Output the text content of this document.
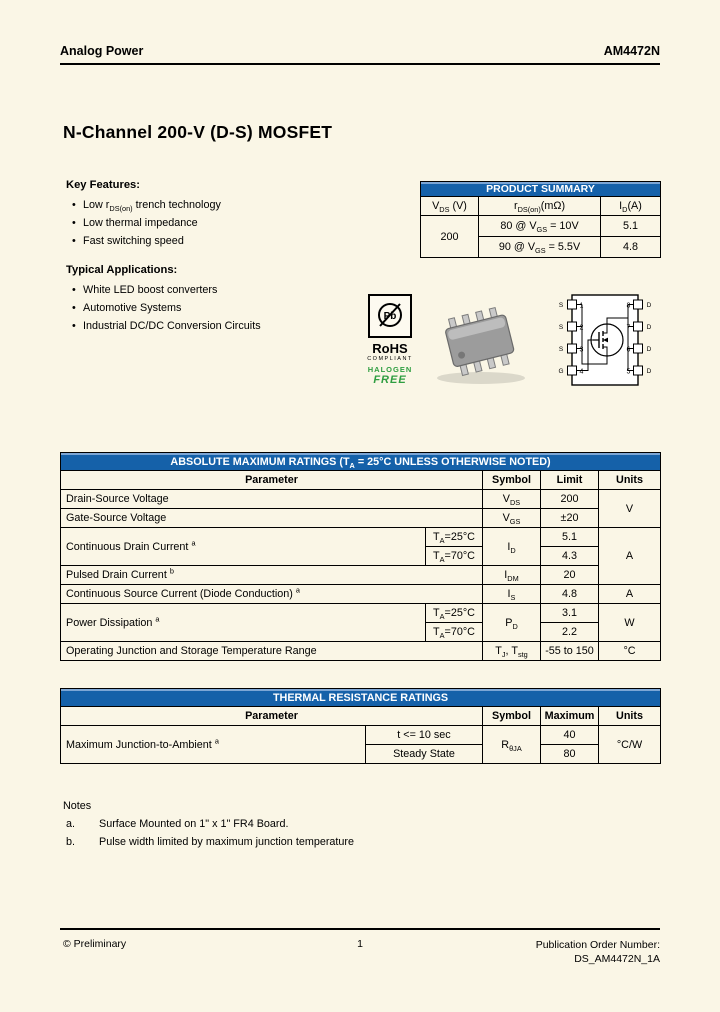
Analog Power	AM4472N
N-Channel 200-V (D-S) MOSFET
Key Features:
• Low $r_{DS(on)}$ trench technology
• Low thermal impedance
• Fast switching speed
PRODUCT SUMMARY		
$V_{DS}$ (V)	$r_{DS(on)}(m\Omega)$	$I_D(A)$
200	80 @ $V_{GS} = 10V$	5.1
	90 @ $V_{GS} = 5.5V$	4.8
Typical Applications:
• White LED boost converters
• Automotive Systems
• Industrial DC/DC Conversion Circuits
Pb
RoHS
COMPLIANT
HALOGEN
FREE
1
2
3
4
8
7
6
5
S
S
S
G
D
D
D
D
ABSOLUTE MAXIMUM RATINGS ($T_A = 25^\circ C$ UNLESS OTHERWISE NOTED)				
Parameter		Symbol	Limit	Units
Drain-Source Voltage		$V_{DS}$	200	V
Gate-Source Voltage		$V_{GS}$	±20	
Continuous Drain Current $^a$	$T_A=25^\circ C$	$I_D$	5.1	A
	$T_A=70^\circ C$		4.3	
Pulsed Drain Current $^b$		$I_{DM}$	20	
Continuous Source Current (Diode Conduction) $^a$		$I_S$	4.8	A
Power Dissipation $^a$	$T_A=25^\circ C$	$P_D$	3.1	W
	$T_A=70^\circ C$		2.2	
Operating Junction and Storage Temperature Range		$T_J$, $T_{stg}$	-55 to 150	°C
THERMAL RESISTANCE RATINGS				
Parameter		Symbol	Maximum	Units
Maximum Junction-to-Ambient $^a$	t <= 10 sec	$R_{\theta JA}$	40	°C/W
	Steady State		80	
Notes
a.	Surface Mounted on 1" x 1" FR4 Board.
b.	Pulse width limited by maximum junction temperature
© Preliminary	1	Publication Order Number:
DS_AM4472N_1A
